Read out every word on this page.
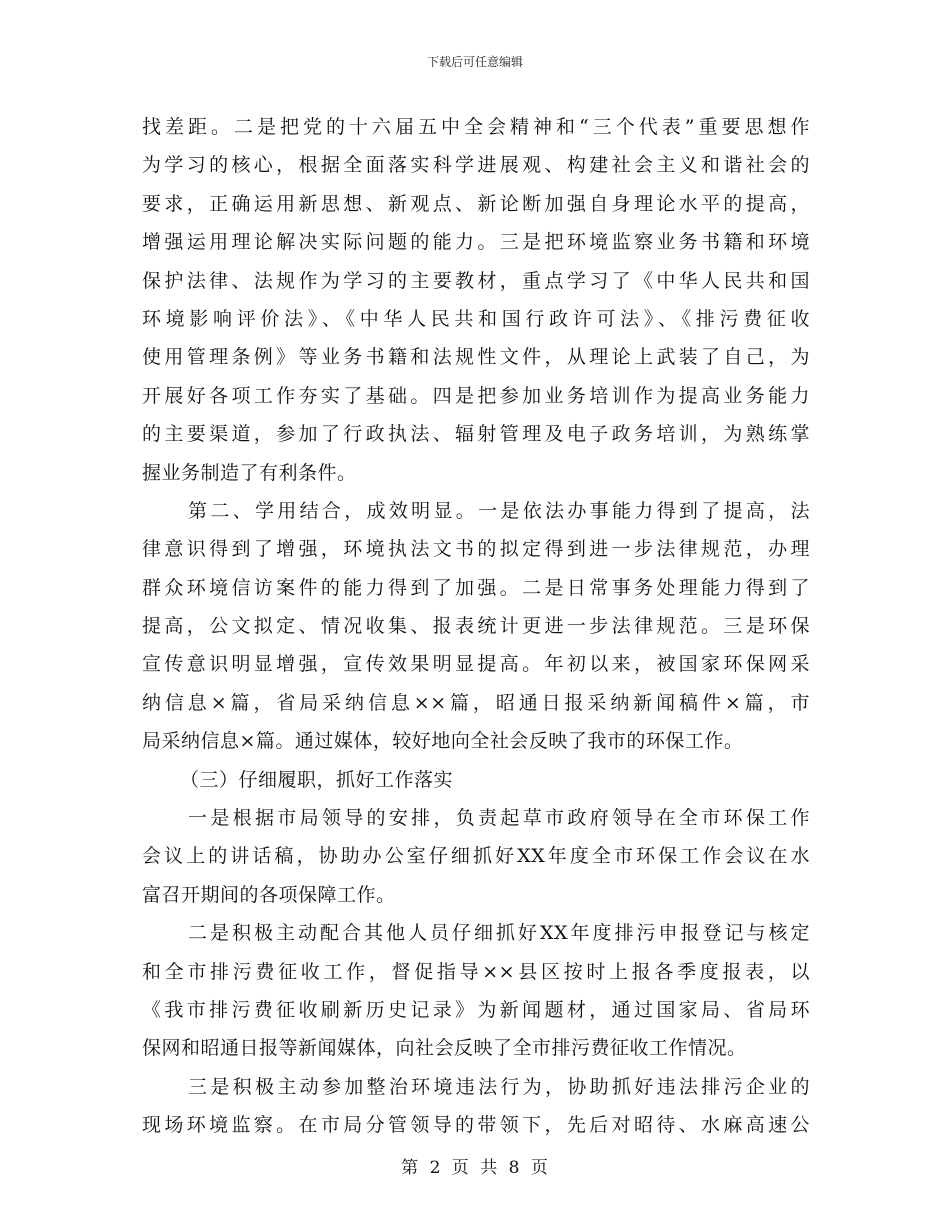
下载后可任意编辑
找差距。二是把党的十六届五中全会精神和“三个代表”重要思想作
为学习的核心，根据全面落实科学进展观、构建社会主义和谐社会的
要求，正确运用新思想、新观点、新论断加强自身理论水平的提高，
增强运用理论解决实际问题的能力。三是把环境监察业务书籍和环境
保护法律、法规作为学习的主要教材，重点学习了《中华人民共和国
环境影响评价法》、《中华人民共和国行政许可法》、《排污费征收
使用管理条例》等业务书籍和法规性文件，从理论上武装了自己，为
开展好各项工作夯实了基础。四是把参加业务培训作为提高业务能力
的主要渠道，参加了行政执法、辐射管理及电子政务培训，为熟练掌
握业务制造了有利条件。
第二、学用结合，成效明显。一是依法办事能力得到了提高，法
律意识得到了增强，环境执法文书的拟定得到进一步法律规范，办理
群众环境信访案件的能力得到了加强。二是日常事务处理能力得到了
提高，公文拟定、情况收集、报表统计更进一步法律规范。三是环保
宣传意识明显增强，宣传效果明显提高。年初以来，被国家环保网采
纳信息×篇，省局采纳信息××篇，昭通日报采纳新闻稿件×篇，市
局采纳信息×篇。通过媒体，较好地向全社会反映了我市的环保工作。
（三）仔细履职，抓好工作落实
一是根据市局领导的安排，负责起草市政府领导在全市环保工作
会议上的讲话稿，协助办公室仔细抓好XX年度全市环保工作会议在水
富召开期间的各项保障工作。
二是积极主动配合其他人员仔细抓好XX年度排污申报登记与核定
和全市排污费征收工作，督促指导××县区按时上报各季度报表，以
《我市排污费征收刷新历史记录》为新闻题材，通过国家局、省局环
保网和昭通日报等新闻媒体，向社会反映了全市排污费征收工作情况。
三是积极主动参加整治环境违法行为，协助抓好违法排污企业的
现场环境监察。在市局分管领导的带领下，先后对昭待、水麻高速公
第 2 页 共 8 页
